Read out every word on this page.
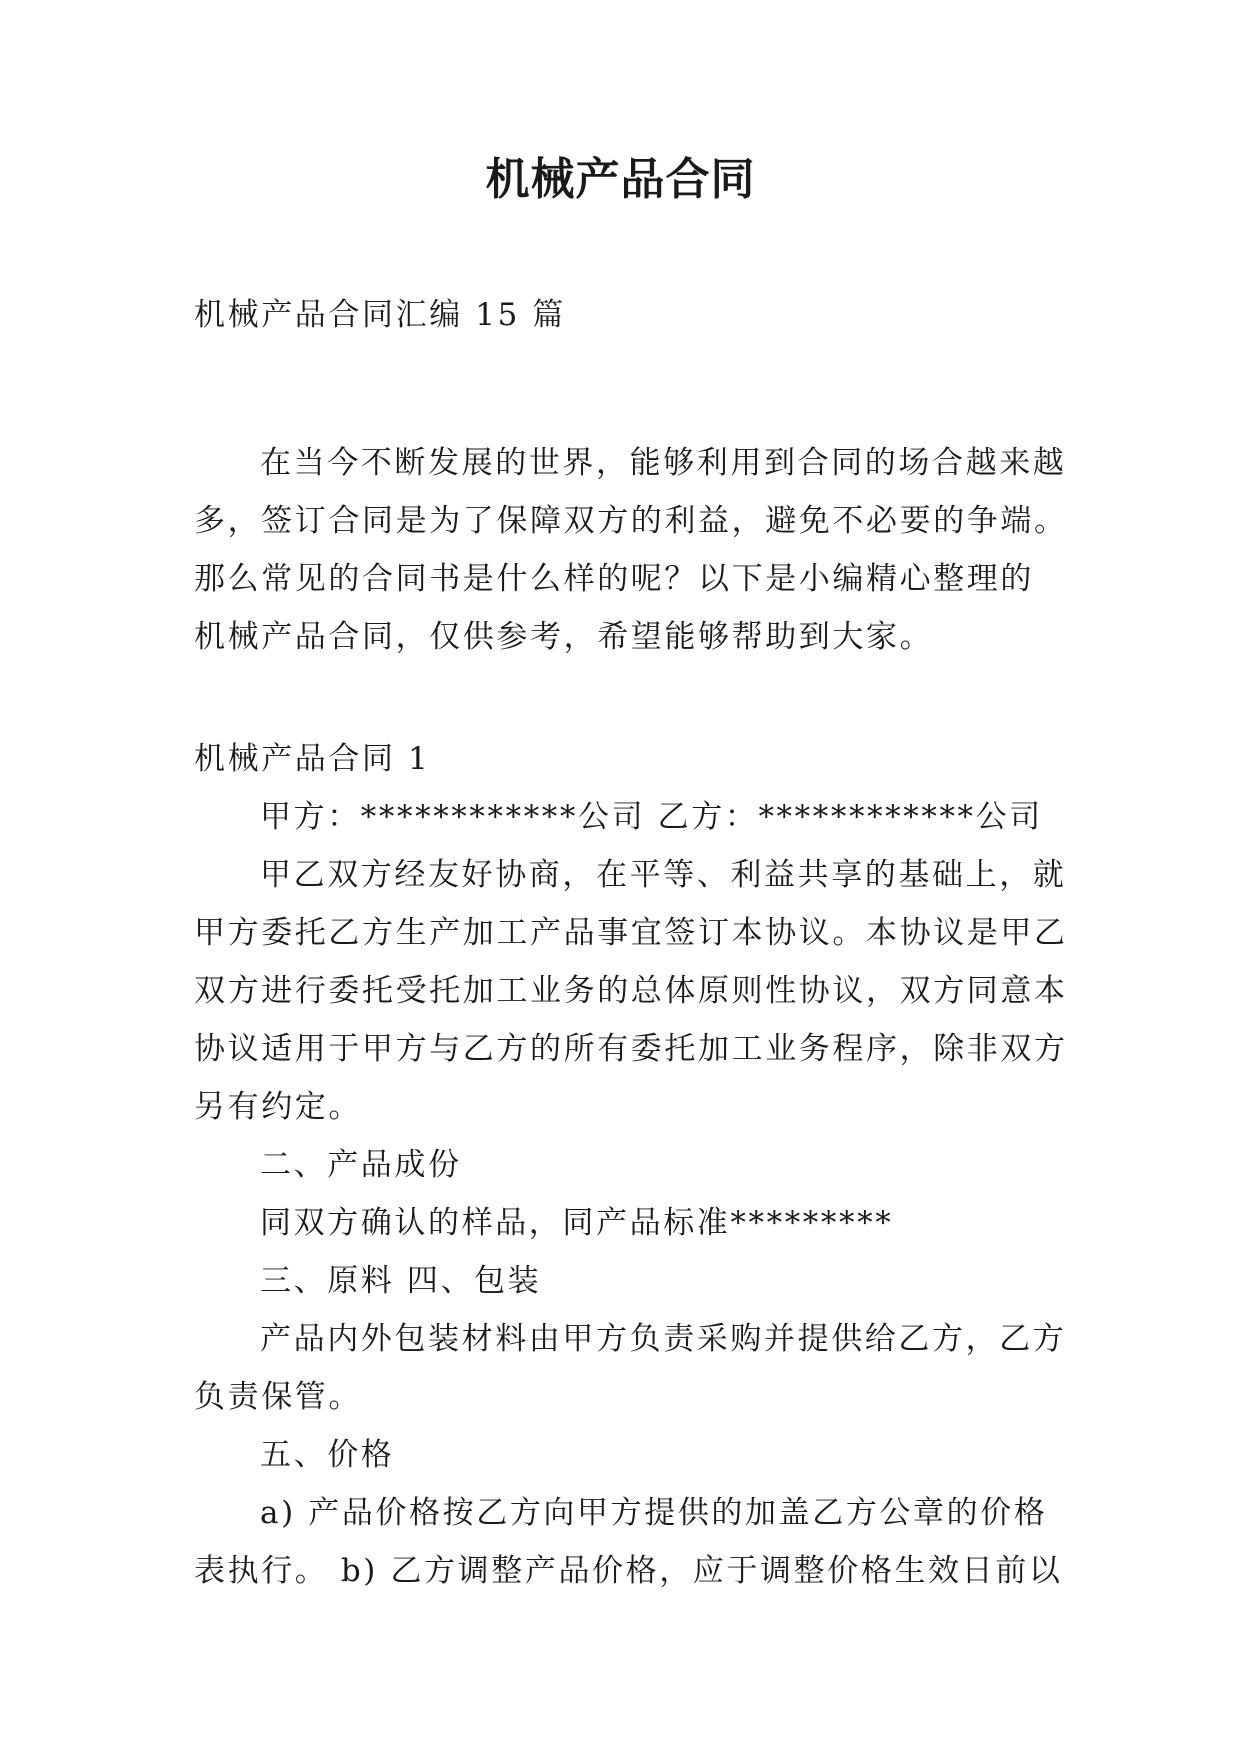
机械产品合同
机械产品合同汇编 15 篇
在当今不断发展的世界，能够利用到合同的场合越来越
多，签订合同是为了保障双方的利益，避免不必要的争端。
那么常见的合同书是什么样的呢？以下是小编精心整理的
机械产品合同，仅供参考，希望能够帮助到大家。
机械产品合同 1
甲方：************公司 乙方：************公司
甲乙双方经友好协商，在平等、利益共享的基础上，就
甲方委托乙方生产加工产品事宜签订本协议。本协议是甲乙
双方进行委托受托加工业务的总体原则性协议，双方同意本
协议适用于甲方与乙方的所有委托加工业务程序，除非双方
另有约定。
二、产品成份
同双方确认的样品，同产品标准*********
三、原料 四、包装
产品内外包装材料由甲方负责采购并提供给乙方，乙方
负责保管。
五、价格
a) 产品价格按乙方向甲方提供的加盖乙方公章的价格
表执行。 b) 乙方调整产品价格，应于调整价格生效日前以
